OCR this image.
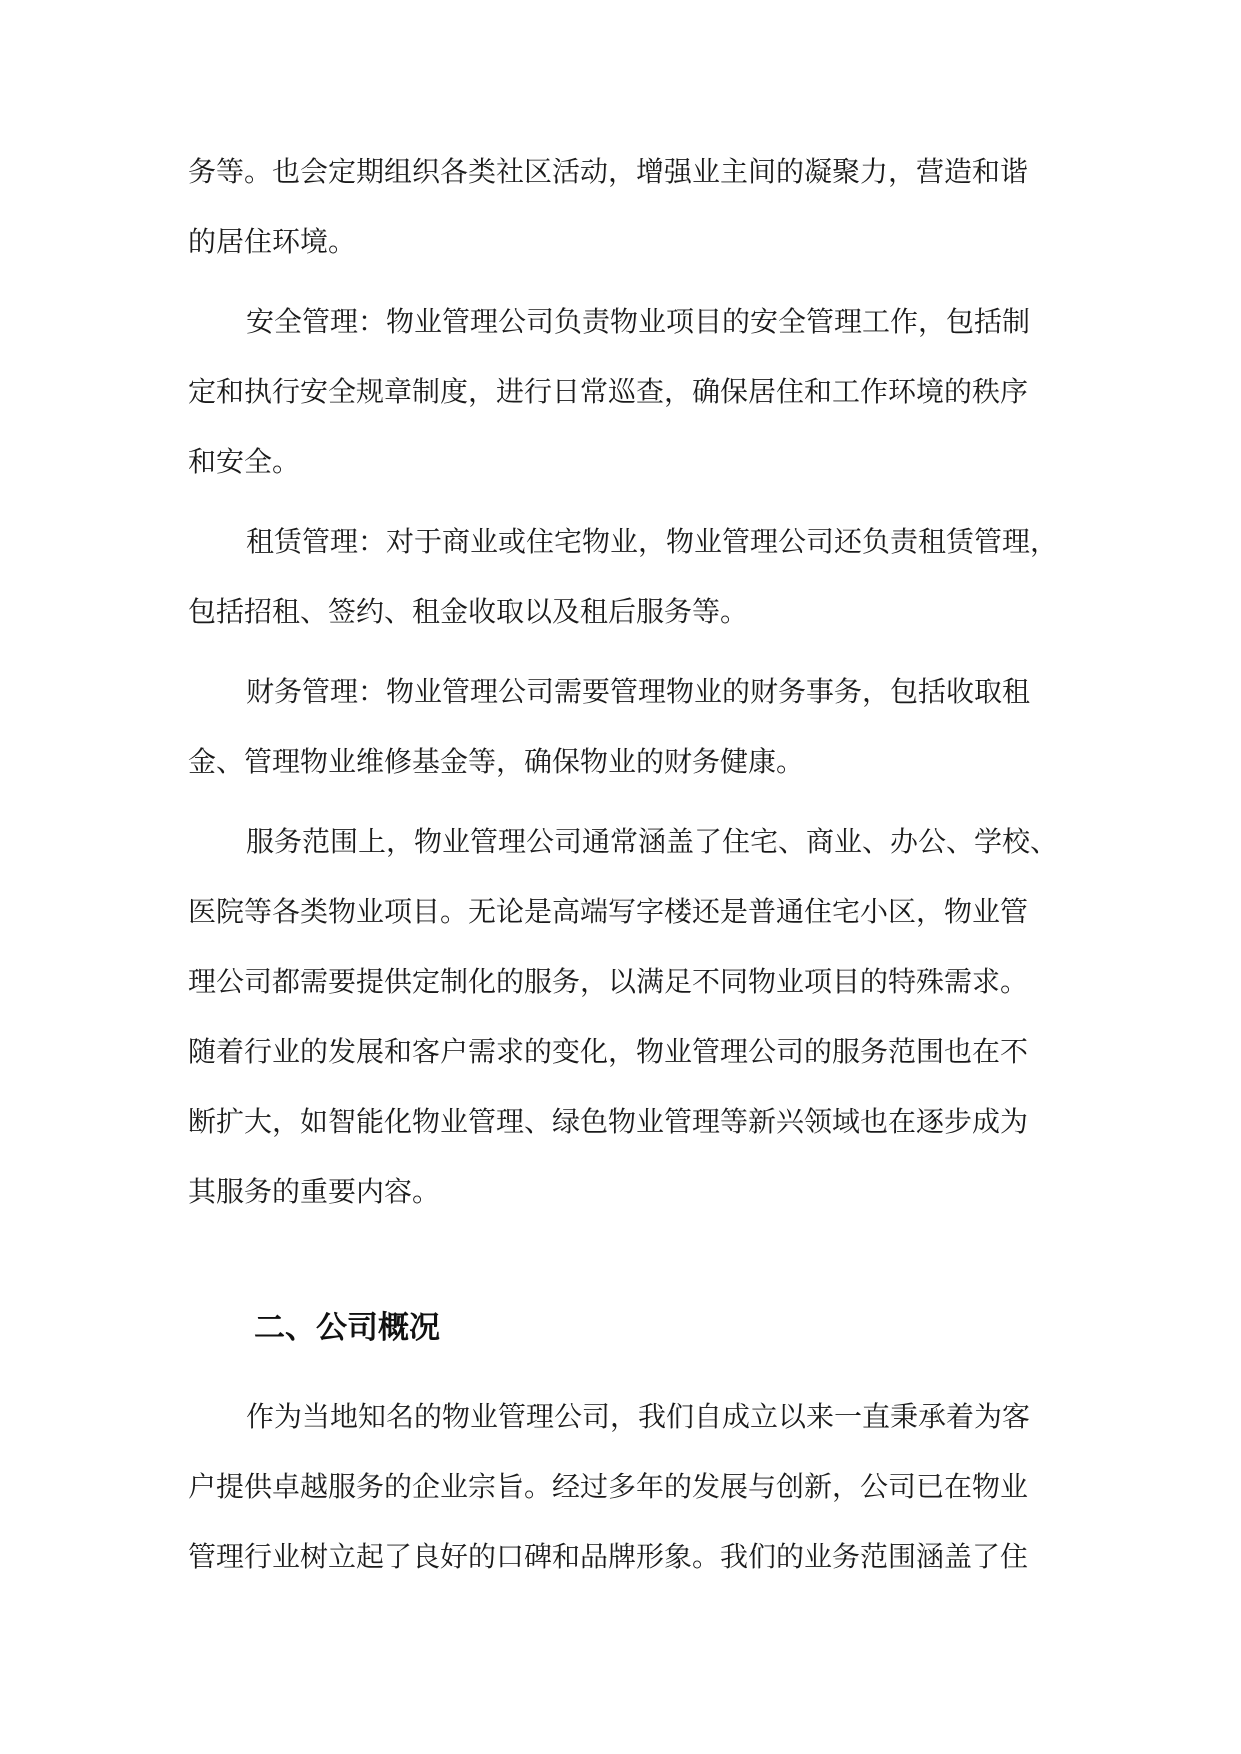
务等。也会定期组织各类社区活动，增强业主间的凝聚力，营造和谐
的居住环境。
安全管理：物业管理公司负责物业项目的安全管理工作，包括制
定和执行安全规章制度，进行日常巡查，确保居住和工作环境的秩序
和安全。
租赁管理：对于商业或住宅物业，物业管理公司还负责租赁管理，
包括招租、签约、租金收取以及租后服务等。
财务管理：物业管理公司需要管理物业的财务事务，包括收取租
金、管理物业维修基金等，确保物业的财务健康。
服务范围上，物业管理公司通常涵盖了住宅、商业、办公、学校、
医院等各类物业项目。无论是高端写字楼还是普通住宅小区，物业管
理公司都需要提供定制化的服务，以满足不同物业项目的特殊需求。
随着行业的发展和客户需求的变化，物业管理公司的服务范围也在不
断扩大，如智能化物业管理、绿色物业管理等新兴领域也在逐步成为
其服务的重要内容。
二、公司概况
作为当地知名的物业管理公司，我们自成立以来一直秉承着为客
户提供卓越服务的企业宗旨。经过多年的发展与创新，公司已在物业
管理行业树立起了良好的口碑和品牌形象。我们的业务范围涵盖了住
